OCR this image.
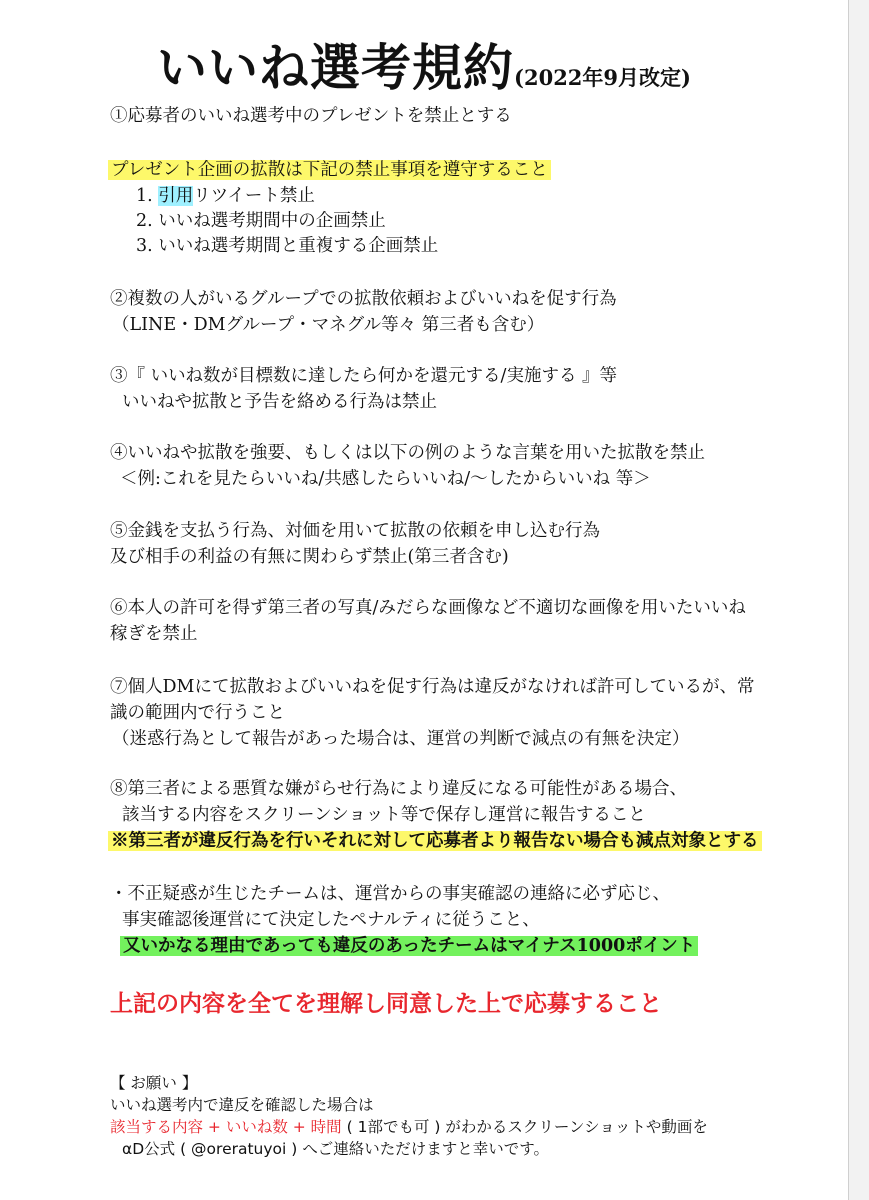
いいね選考規約(2022年9月改定)
①応募者のいいね選考中のプレゼントを禁止とする
プレゼント企画の拡散は下記の禁止事項を遵守すること
1. 引用リツイート禁止
2. いいね選考期間中の企画禁止
3. いいね選考期間と重複する企画禁止
②複数の人がいるグループでの拡散依頼およびいいねを促す行為
（LINE・DMグループ・マネグル等々 第三者も含む）
③『 いいね数が目標数に達したら何かを還元する/実施する 』等
いいねや拡散と予告を絡める行為は禁止
④いいねや拡散を強要、もしくは以下の例のような言葉を用いた拡散を禁止
＜例:これを見たらいいね/共感したらいいね/〜したからいいね 等＞
⑤金銭を支払う行為、対価を用いて拡散の依頼を申し込む行為
及び相手の利益の有無に関わらず禁止(第三者含む)
⑥本人の許可を得ず第三者の写真/みだらな画像など不適切な画像を用いたいいね
稼ぎを禁止
⑦個人DMにて拡散およびいいねを促す行為は違反がなければ許可しているが、常
識の範囲内で行うこと
（迷惑行為として報告があった場合は、運営の判断で減点の有無を決定）
⑧第三者による悪質な嫌がらせ行為により違反になる可能性がある場合、
該当する内容をスクリーンショット等で保存し運営に報告すること
※第三者が違反行為を行いそれに対して応募者より報告ない場合も減点対象とする
・不正疑惑が生じたチームは、運営からの事実確認の連絡に必ず応じ、
事実確認後運営にて決定したペナルティに従うこと、
又いかなる理由であっても違反のあったチームはマイナス1000ポイント
上記の内容を全てを理解し同意した上で応募すること
【 お願い 】
いいね選考内で違反を確認した場合は
該当する内容 + いいね数 + 時間 ( 1部でも可 ) がわかるスクリーンショットや動画を
αD公式 ( @oreratuyoi ) へご連絡いただけますと幸いです。
